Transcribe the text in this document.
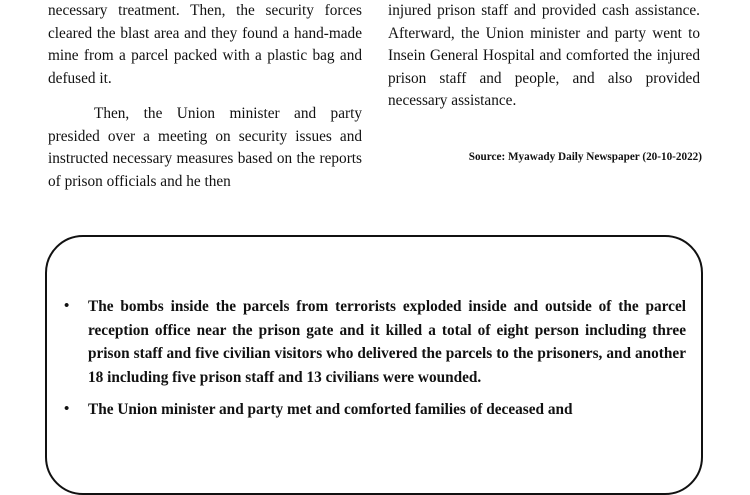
necessary treatment. Then, the security forces cleared the blast area and they found a hand-made mine from a parcel packed with a plastic bag and defused it.

Then, the Union minister and party presided over a meeting on security issues and instructed necessary measures based on the reports of prison officials and he then

injured prison staff and provided cash assistance. Afterward, the Union minister and party went to Insein General Hospital and comforted the injured prison staff and people, and also provided necessary assistance.

Source: Myawady Daily Newspaper (20-10-2022)
• The bombs inside the parcels from terrorists exploded inside and outside of the parcel reception office near the prison gate and it killed a total of eight person including three prison staff and five civilian visitors who delivered the parcels to the prisoners, and another 18 including five prison staff and 13 civilians were wounded.
• The Union minister and party met and comforted families of deceased and
